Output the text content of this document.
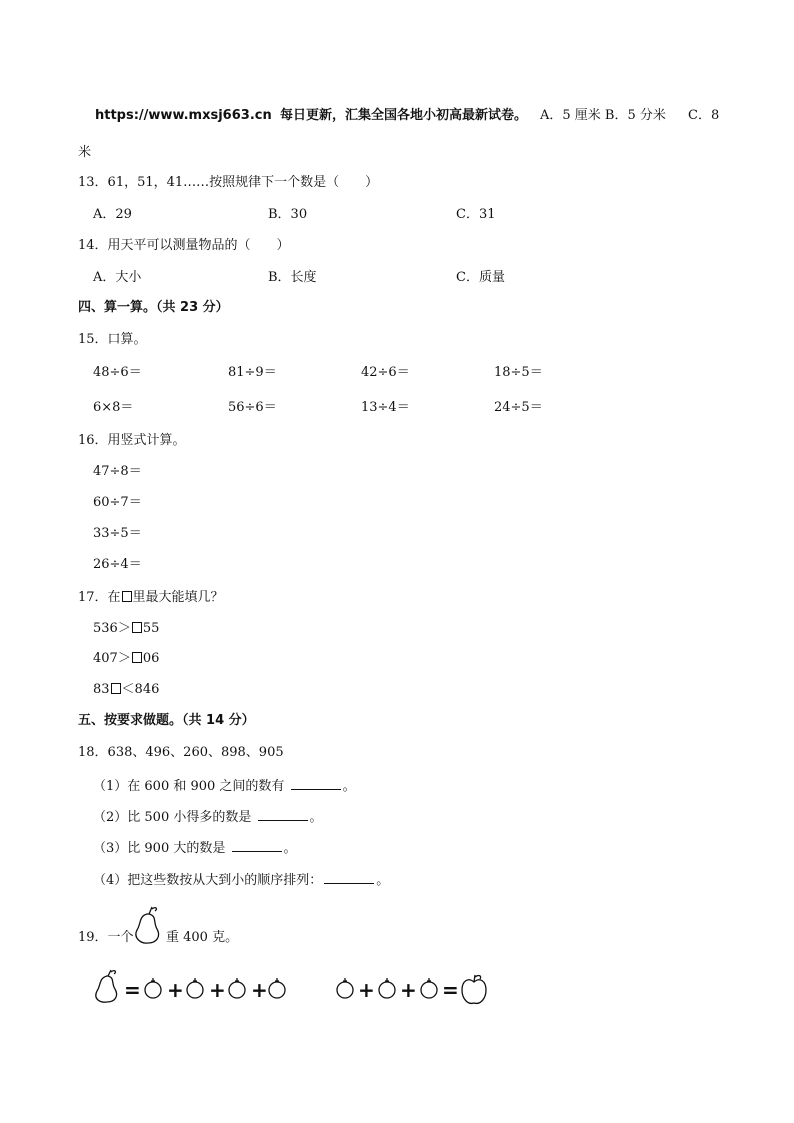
https://www.mxsj663.cn 每日更新，汇集全国各地小初高最新试卷。 A．5 厘米 B．5 分米 C．8
米
13．61，51，41……按照规律下一个数是（　　）
A．29	B．30	C．31
14．用天平可以测量物品的（　　）
A．大小	B．长度	C．质量
四、算一算。（共 23 分）
15．口算。
48÷6＝	81÷9＝	42÷6＝	18÷5＝
6×8＝	56÷6＝	13÷4＝	24÷5＝
16．用竖式计算。
47÷8＝
60÷7＝
33÷5＝
26÷4＝
17．在 里最大能填几？
536＞ 55
407＞ 06
83 ＜846
五、按要求做题。（共 14 分）
18．638、496、260、898、905
（1）在 600 和 900 之间的数有	。
（2）比 500 小得多的数是	。
（3）比 900 大的数是	。
（4）把这些数按从大到小的顺序排列：	。
19．一个 重 400 克。
= + + +	+ + =
